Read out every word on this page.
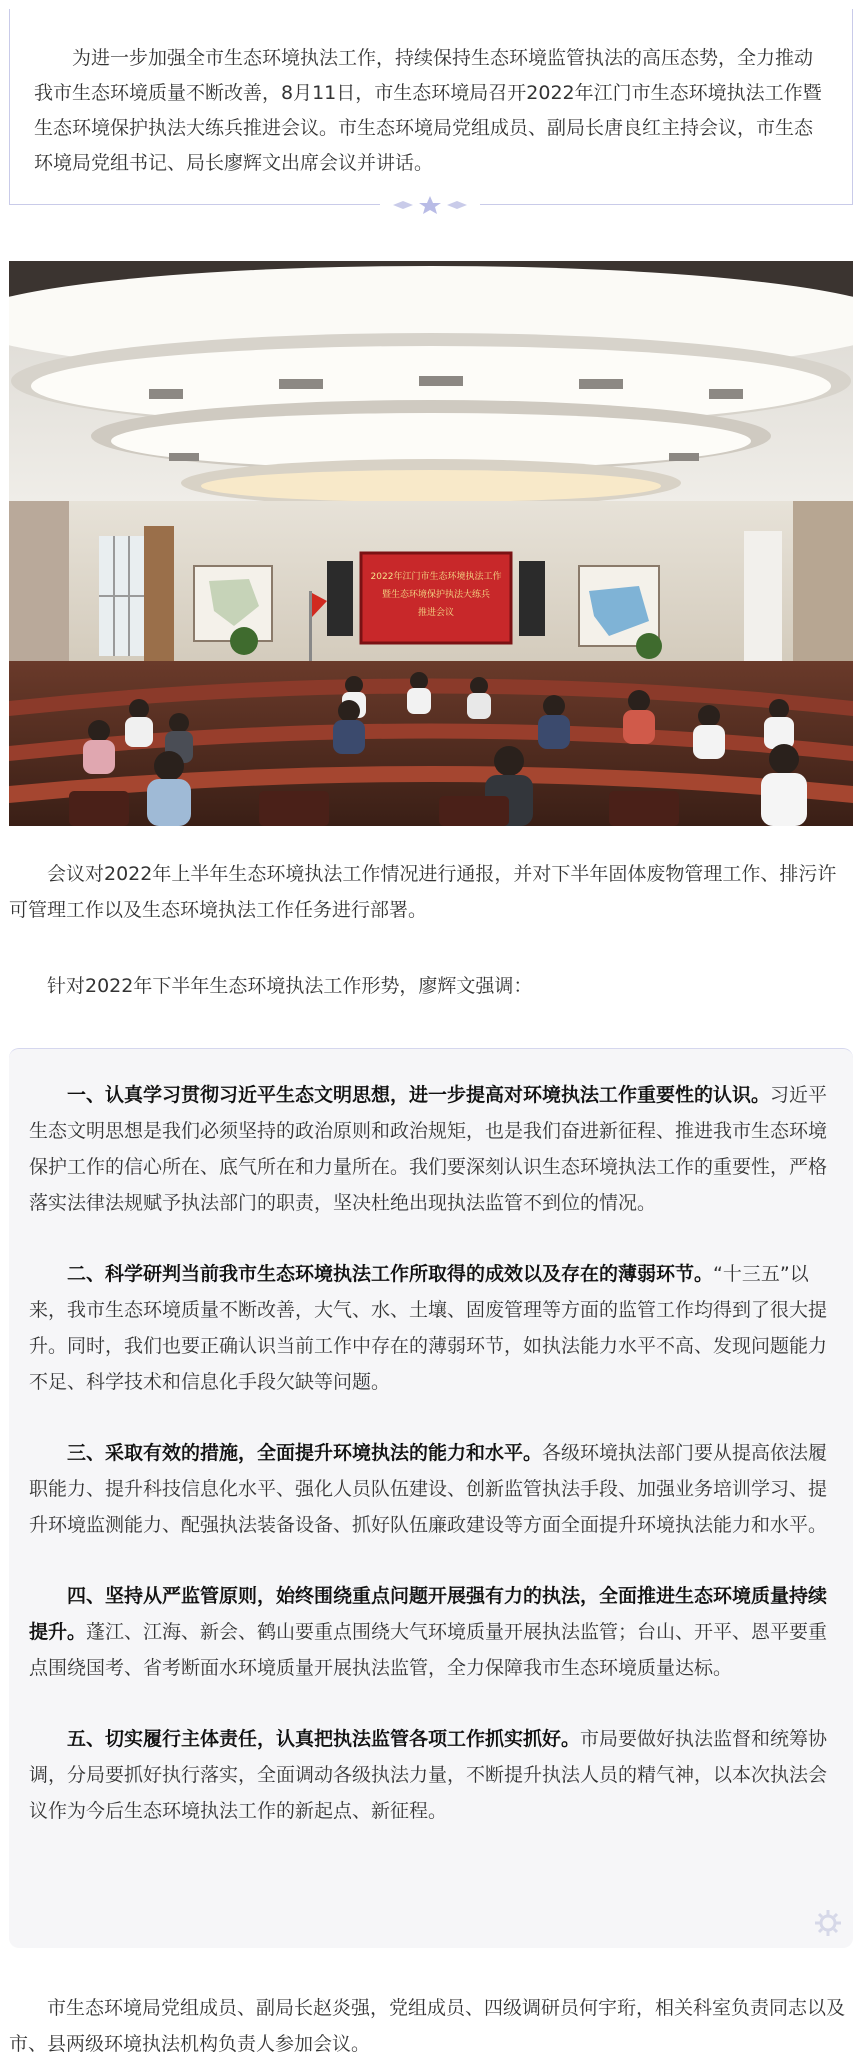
为进一步加强全市生态环境执法工作，持续保持生态环境监管执法的高压态势，全力推动我市生态环境质量不断改善，8月11日，市生态环境局召开2022年江门市生态环境执法工作暨生态环境保护执法大练兵推进会议。市生态环境局党组成员、副局长唐良红主持会议，市生态环境局党组书记、局长廖辉文出席会议并讲话。

2022年江门市生态环境执法工作
暨生态环境保护执法大练兵
推进会议

会议对2022年上半年生态环境执法工作情况进行通报，并对下半年固体废物管理工作、排污许可管理工作以及生态环境执法工作任务进行部署。

针对2022年下半年生态环境执法工作形势，廖辉文强调：

一、认真学习贯彻习近平生态文明思想，进一步提高对环境执法工作重要性的认识。习近平生态文明思想是我们必须坚持的政治原则和政治规矩，也是我们奋进新征程、推进我市生态环境保护工作的信心所在、底气所在和力量所在。我们要深刻认识生态环境执法工作的重要性，严格落实法律法规赋予执法部门的职责，坚决杜绝出现执法监管不到位的情况。

二、科学研判当前我市生态环境执法工作所取得的成效以及存在的薄弱环节。“十三五”以来，我市生态环境质量不断改善，大气、水、土壤、固废管理等方面的监管工作均得到了很大提升。同时，我们也要正确认识当前工作中存在的薄弱环节，如执法能力水平不高、发现问题能力不足、科学技术和信息化手段欠缺等问题。

三、采取有效的措施，全面提升环境执法的能力和水平。各级环境执法部门要从提高依法履职能力、提升科技信息化水平、强化人员队伍建设、创新监管执法手段、加强业务培训学习、提升环境监测能力、配强执法装备设备、抓好队伍廉政建设等方面全面提升环境执法能力和水平。

四、坚持从严监管原则，始终围绕重点问题开展强有力的执法，全面推进生态环境质量持续提升。蓬江、江海、新会、鹤山要重点围绕大气环境质量开展执法监管；台山、开平、恩平要重点围绕国考、省考断面水环境质量开展执法监管，全力保障我市生态环境质量达标。

五、切实履行主体责任，认真把执法监管各项工作抓实抓好。市局要做好执法监督和统筹协调，分局要抓好执行落实，全面调动各级执法力量，不断提升执法人员的精气神，以本次执法会议作为今后生态环境执法工作的新起点、新征程。

市生态环境局党组成员、副局长赵炎强，党组成员、四级调研员何宇珩，相关科室负责同志以及市、县两级环境执法机构负责人参加会议。
